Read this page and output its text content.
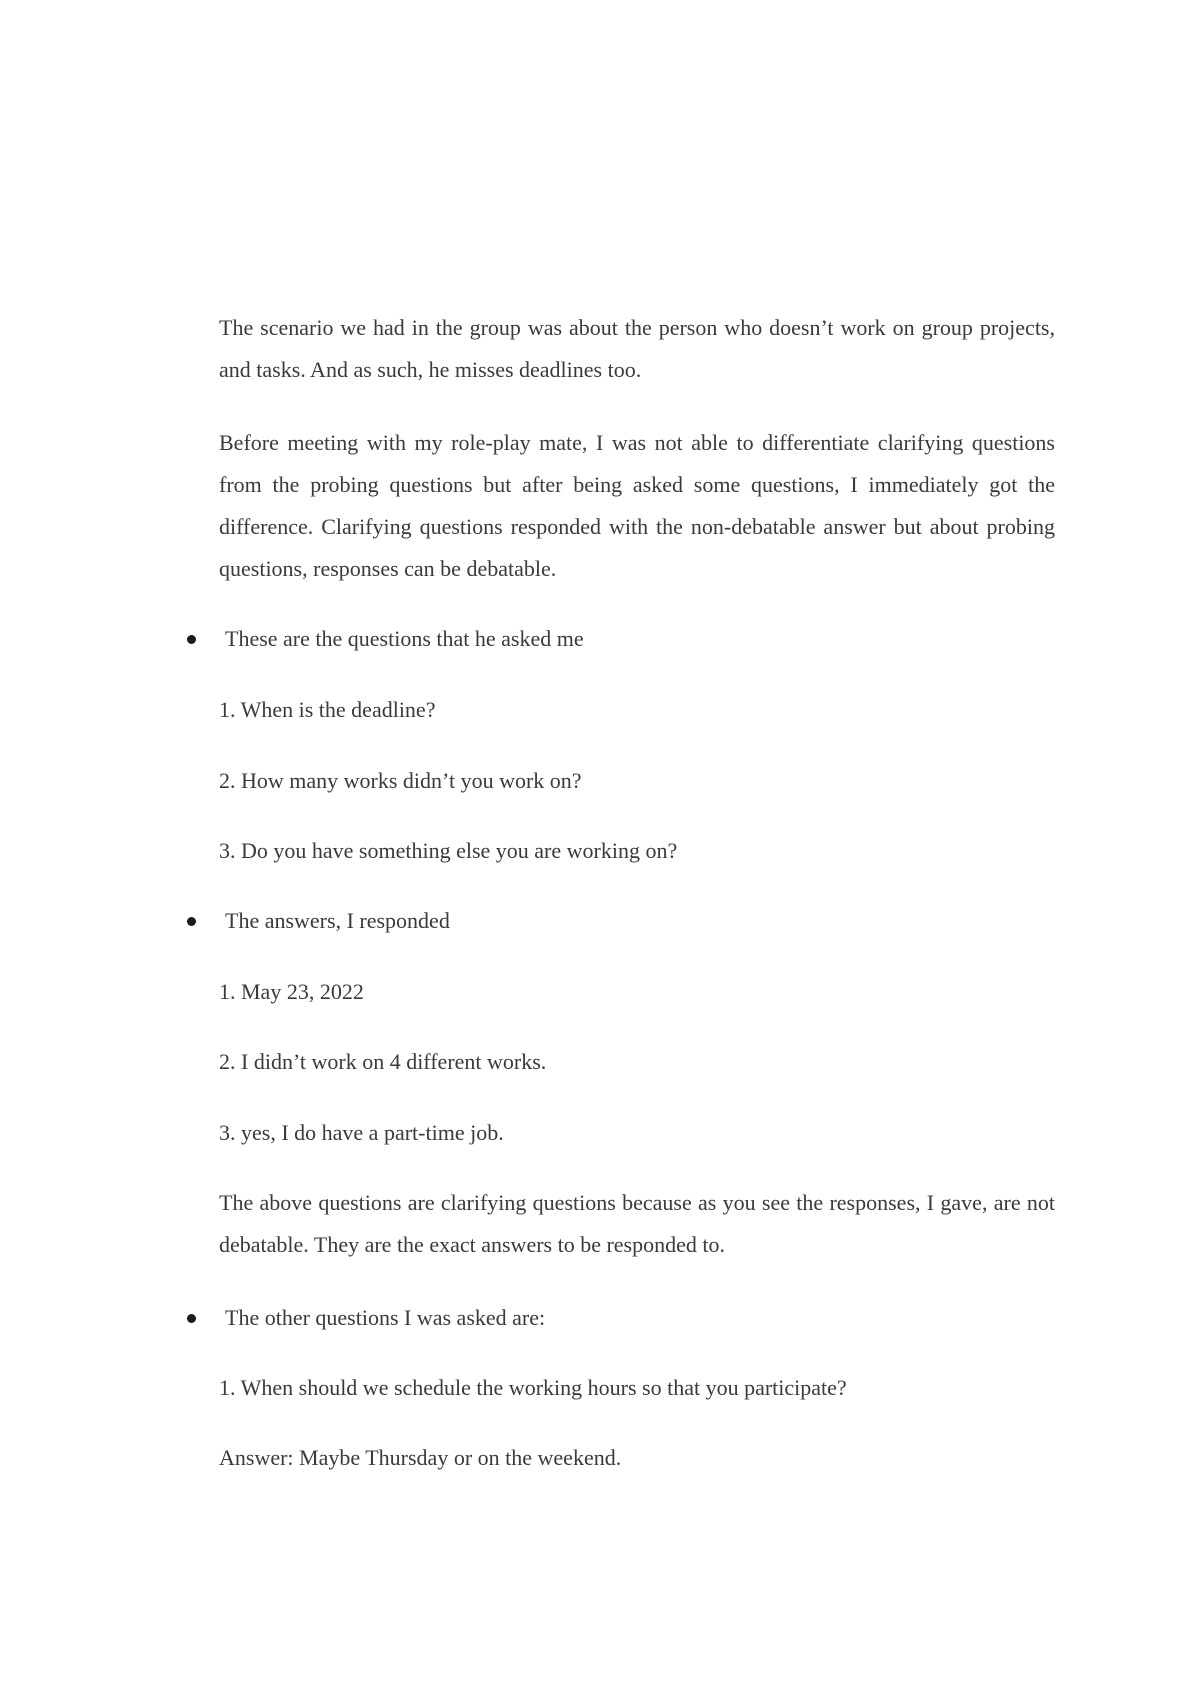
The scenario we had in the group was about the person who doesn’t work on group projects, and tasks. And as such, he misses deadlines too.

Before meeting with my role-play mate, I was not able to differentiate clarifying questions from the probing questions but after being asked some questions, I immediately got the difference. Clarifying questions responded with the non-debatable answer but about probing questions, responses can be debatable.

These are the questions that he asked me

1. When is the deadline?

2. How many works didn’t you work on?

3. Do you have something else you are working on?

The answers, I responded

1. May 23, 2022

2. I didn’t work on 4 different works.

3. yes, I do have a part-time job.

The above questions are clarifying questions because as you see the responses, I gave, are not debatable. They are the exact answers to be responded to.

The other questions I was asked are:

1. When should we schedule the working hours so that you participate?

Answer: Maybe Thursday or on the weekend.
